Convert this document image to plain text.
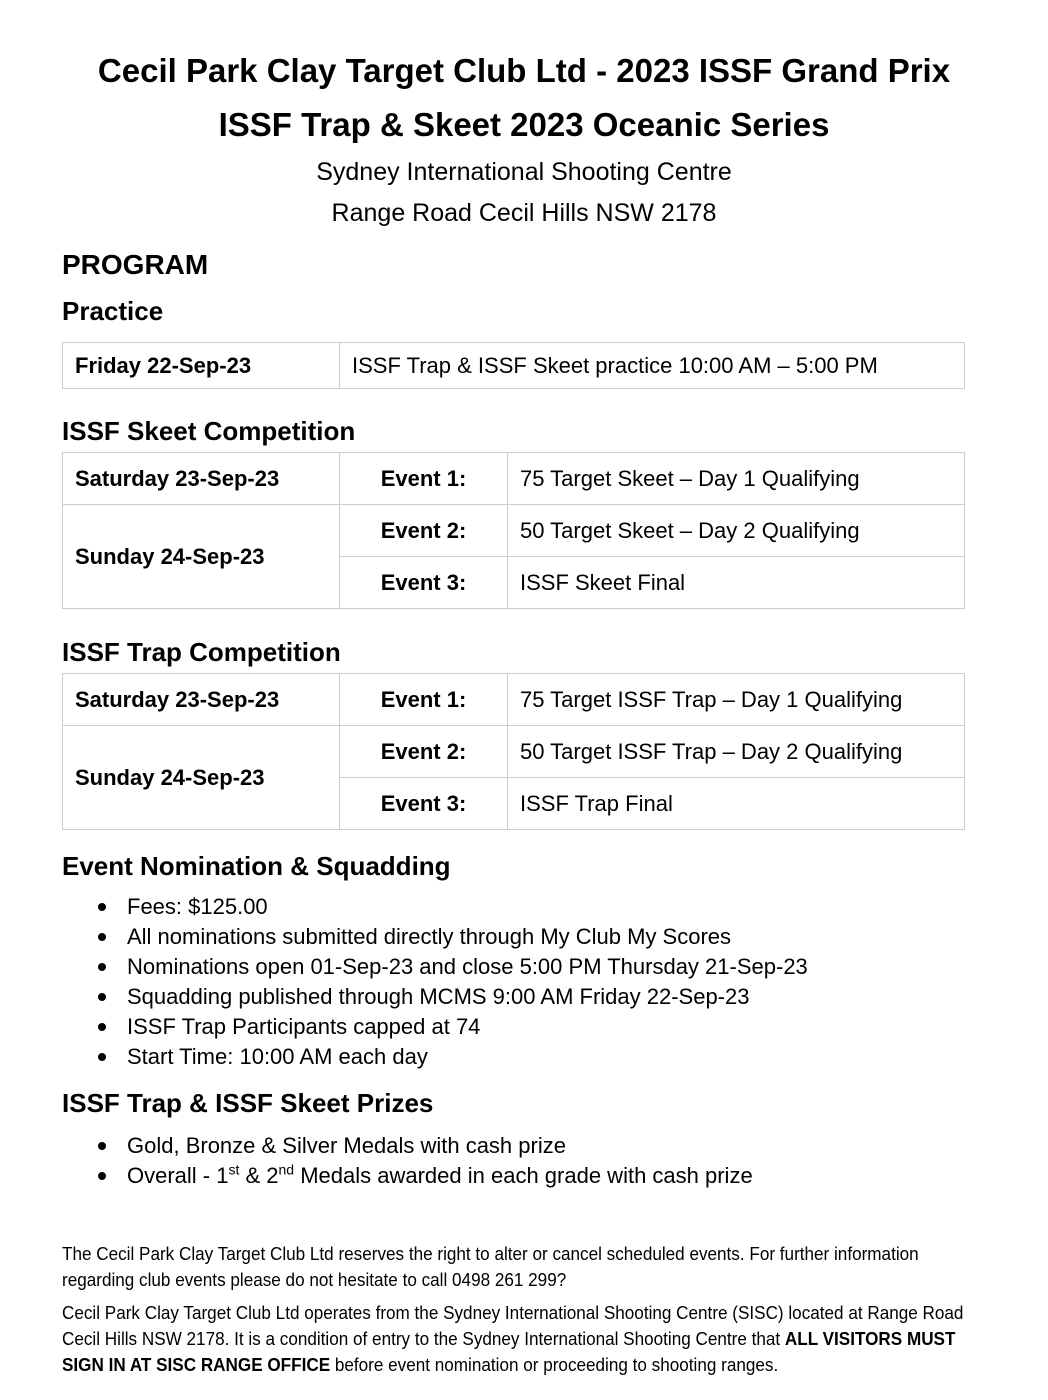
Cecil Park Clay Target Club Ltd - 2023 ISSF Grand Prix
ISSF Trap & Skeet 2023 Oceanic Series
Sydney International Shooting Centre
Range Road Cecil Hills NSW 2178
PROGRAM
Practice
Friday 22-Sep-23	ISSF Trap & ISSF Skeet practice 10:00 AM – 5:00 PM
ISSF Skeet Competition
Saturday 23-Sep-23	Event 1:	75 Target Skeet – Day 1 Qualifying
Sunday 24-Sep-23	Event 2:	50 Target Skeet – Day 2 Qualifying
	Event 3:	ISSF Skeet Final
ISSF Trap Competition
Saturday 23-Sep-23	Event 1:	75 Target ISSF Trap – Day 1 Qualifying
Sunday 24-Sep-23	Event 2:	50 Target ISSF Trap – Day 2 Qualifying
	Event 3:	ISSF Trap Final
Event Nomination & Squadding
Fees: $125.00
All nominations submitted directly through My Club My Scores
Nominations open 01-Sep-23 and close 5:00 PM Thursday 21-Sep-23
Squadding published through MCMS 9:00 AM Friday 22-Sep-23
ISSF Trap Participants capped at 74
Start Time: 10:00 AM each day
ISSF Trap & ISSF Skeet Prizes
Gold, Bronze & Silver Medals with cash prize
Overall - 1st & 2nd Medals awarded in each grade with cash prize

The Cecil Park Clay Target Club Ltd reserves the right to alter or cancel scheduled events. For further information regarding club events please do not hesitate to call 0498 261 299?

Cecil Park Clay Target Club Ltd operates from the Sydney International Shooting Centre (SISC) located at Range Road Cecil Hills NSW 2178. It is a condition of entry to the Sydney International Shooting Centre that ALL VISITORS MUST SIGN IN AT SISC RANGE OFFICE before event nomination or proceeding to shooting ranges.
